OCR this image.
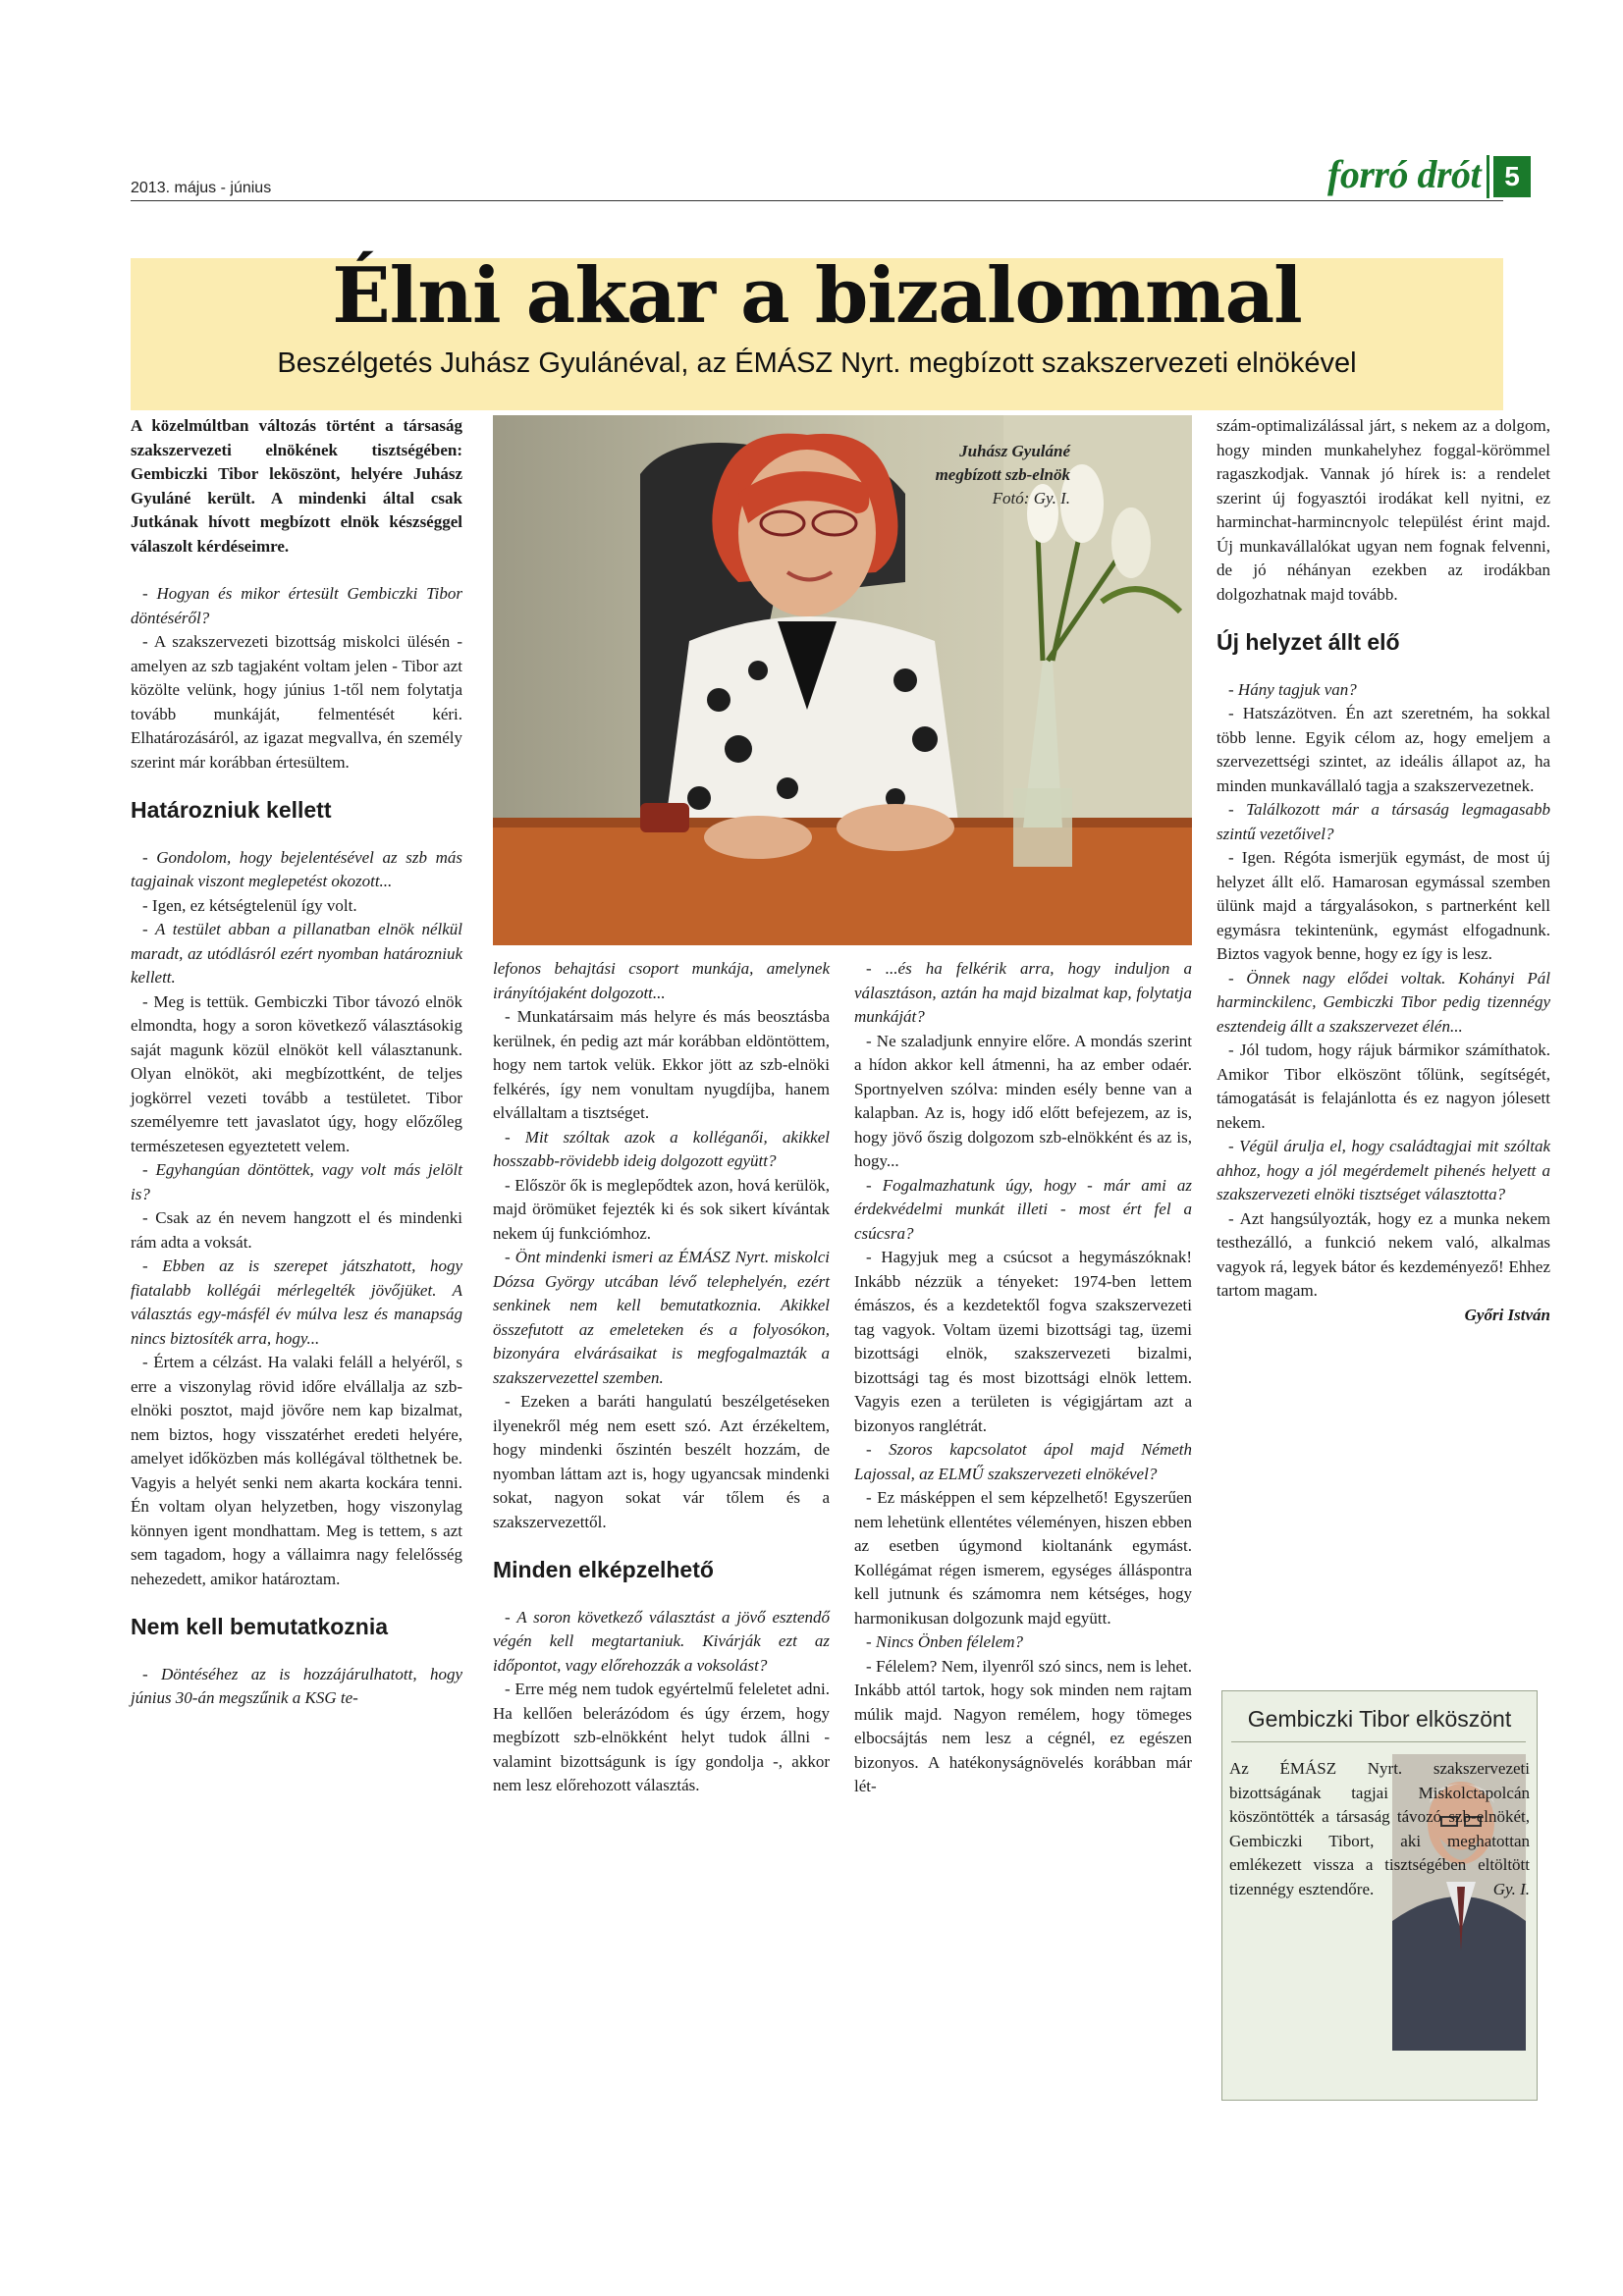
2013. május - június	forró drót 5
Élni akar a bizalommal
Beszélgetés Juhász Gyulánéval, az ÉMÁSZ Nyrt. megbízott szakszervezeti elnökével
Juhász Gyuláné
megbízott szb-elnök
Fotó: Gy. I.

A közelmúltban változás történt a társaság szakszervezeti elnökének tisztségében: Gembiczki Tibor leköszönt, helyére Juhász Gyuláné került. A mindenki által csak Jutkának hívott megbízott elnök készséggel válaszolt kérdéseimre.

- Hogyan és mikor értesült Gembiczki Tibor döntéséről?

- A szakszervezeti bizottság miskolci ülésén - amelyen az szb tagjaként voltam jelen - Tibor azt közölte velünk, hogy június 1-től nem folytatja tovább munkáját, felmentését kéri. Elhatározásáról, az igazat megvallva, én személy szerint már korábban értesültem.

Határozniuk kellett

- Gondolom, hogy bejelentésével az szb más tagjainak viszont meglepetést okozott...

- Igen, ez kétségtelenül így volt.

- A testület abban a pillanatban elnök nélkül maradt, az utódlásról ezért nyomban határozniuk kellett.

- Meg is tettük. Gembiczki Tibor távozó elnök elmondta, hogy a soron következő választásokig saját magunk közül elnököt kell választanunk. Olyan elnököt, aki megbízottként, de teljes jogkörrel vezeti tovább a testületet. Tibor személyemre tett javaslatot úgy, hogy előzőleg természetesen egyeztetett velem.

- Egyhangúan döntöttek, vagy volt más jelölt is?

- Csak az én nevem hangzott el és mindenki rám adta a voksát.

- Ebben az is szerepet játszhatott, hogy fiatalabb kollégái mérlegelték jövőjüket. A választás egy-másfél év múlva lesz és manapság nincs biztosíték arra, hogy...

- Értem a célzást. Ha valaki feláll a helyéről, s erre a viszonylag rövid időre elvállalja az szb-elnöki posztot, majd jövőre nem kap bizalmat, nem biztos, hogy visszatérhet eredeti helyére, amelyet időközben más kollégával tölthetnek be. Vagyis a helyét senki nem akarta kockára tenni. Én voltam olyan helyzetben, hogy viszonylag könnyen igent mondhattam. Meg is tettem, s azt sem tagadom, hogy a vállaimra nagy felelősség nehezedett, amikor határoztam.

Nem kell bemutatkoznia

- Döntéséhez az is hozzájárulhatott, hogy június 30-án megszűnik a KSG te-

lefonos behajtási csoport munkája, amelynek irányítójaként dolgozott...

- Munkatársaim más helyre és más beosztásba kerülnek, én pedig azt már korábban eldöntöttem, hogy nem tartok velük. Ekkor jött az szb-elnöki felkérés, így nem vonultam nyugdíjba, hanem elvállaltam a tisztséget.

- Mit szóltak azok a kolléganői, akikkel hosszabb-rövidebb ideig dolgozott együtt?

- Először ők is meglepődtek azon, hová kerülök, majd örömüket fejezték ki és sok sikert kívántak nekem új funkciómhoz.

- Önt mindenki ismeri az ÉMÁSZ Nyrt. miskolci Dózsa György utcában lévő telephelyén, ezért senkinek nem kell bemutatkoznia. Akikkel összefutott az emeleteken és a folyosókon, bizonyára elvárásaikat is megfogalmazták a szakszervezettel szemben.

- Ezeken a baráti hangulatú beszélgetéseken ilyenekről még nem esett szó. Azt érzékeltem, hogy mindenki őszintén beszélt hozzám, de nyomban láttam azt is, hogy ugyancsak mindenki sokat, nagyon sokat vár tőlem és a szakszervezettől.

Minden elképzelhető

- A soron következő választást a jövő esztendő végén kell megtartaniuk. Kivárják ezt az időpontot, vagy előrehozzák a voksolást?

- Erre még nem tudok egyértelmű feleletet adni. Ha kellően belerázódom és úgy érzem, hogy megbízott szb-elnökként helyt tudok állni - valamint bizottságunk is így gondolja -, akkor nem lesz előrehozott választás.

- ...és ha felkérik arra, hogy induljon a választáson, aztán ha majd bizalmat kap, folytatja munkáját?

- Ne szaladjunk ennyire előre. A mondás szerint a hídon akkor kell átmenni, ha az ember odaér. Sportnyelven szólva: minden esély benne van a kalapban. Az is, hogy idő előtt befejezem, az is, hogy jövő őszig dolgozom szb-elnökként és az is, hogy...

- Fogalmazhatunk úgy, hogy - már ami az érdekvédelmi munkát illeti - most ért fel a csúcsra?

- Hagyjuk meg a csúcsot a hegymászóknak! Inkább nézzük a tényeket: 1974-ben lettem émászos, és a kezdetektől fogva szakszervezeti tag vagyok. Voltam üzemi bizottsági tag, üzemi bizottsági elnök, szakszervezeti bizalmi, bizottsági tag és most bizottsági elnök lettem. Vagyis ezen a területen is végigjártam azt a bizonyos ranglétrát.

- Szoros kapcsolatot ápol majd Németh Lajossal, az ELMŰ szakszervezeti elnökével?

- Ez másképpen el sem képzelhető! Egyszerűen nem lehetünk ellentétes véleményen, hiszen ebben az esetben úgymond kioltanánk egymást. Kollégámat régen ismerem, egységes álláspontra kell jutnunk és számomra nem kétséges, hogy harmonikusan dolgozunk majd együtt.

- Nincs Önben félelem?

- Félelem? Nem, ilyenről szó sincs, nem is lehet. Inkább attól tartok, hogy sok minden nem rajtam múlik majd. Nagyon remélem, hogy tömeges elbocsájtás nem lesz a cégnél, ez egészen bizonyos. A hatékonyságnövelés korábban már lét-

szám-optimalizálással járt, s nekem az a dolgom, hogy minden munkahelyhez foggal-körömmel ragaszkodjak. Vannak jó hírek is: a rendelet szerint új fogyasztói irodákat kell nyitni, ez harminchat-harmincnyolc települést érint majd. Új munkavállalókat ugyan nem fognak felvenni, de jó néhányan ezekben az irodákban dolgozhatnak majd tovább.

Új helyzet állt elő

- Hány tagjuk van?

- Hatszázötven. Én azt szeretném, ha sokkal több lenne. Egyik célom az, hogy emeljem a szervezettségi szintet, az ideális állapot az, ha minden munkavállaló tagja a szakszervezetnek.

- Találkozott már a társaság legmagasabb szintű vezetőivel?

- Igen. Régóta ismerjük egymást, de most új helyzet állt elő. Hamarosan egymással szemben ülünk majd a tárgyalásokon, s partnerként kell egymásra tekintenünk, egymást elfogadnunk. Biztos vagyok benne, hogy ez így is lesz.

- Önnek nagy elődei voltak. Kohányi Pál harminckilenc, Gembiczki Tibor pedig tizennégy esztendeig állt a szakszervezet élén...

- Jól tudom, hogy rájuk bármikor számíthatok. Amikor Tibor elköszönt tőlünk, segítségét, támogatását is felajánlotta és ez nagyon jólesett nekem.

- Végül árulja el, hogy családtagjai mit szóltak ahhoz, hogy a jól megérdemelt pihenés helyett a szakszervezeti elnöki tisztséget választotta?

- Azt hangsúlyozták, hogy ez a munka nekem testhezálló, a funkció nekem való, alkalmas vagyok rá, legyek bátor és kezdeményező! Ehhez tartom magam.

Győri István

Gembiczki Tibor elköszönt
Az ÉMÁSZ Nyrt. szakszervezeti bizottságának tagjai Miskolctapolcán köszöntötték a társaság távozó szb-elnökét, Gembiczki Tibort, aki meghatottan emlékezett vissza a tisztségében eltöltött tizennégy esztendőre.	Gy. I.
